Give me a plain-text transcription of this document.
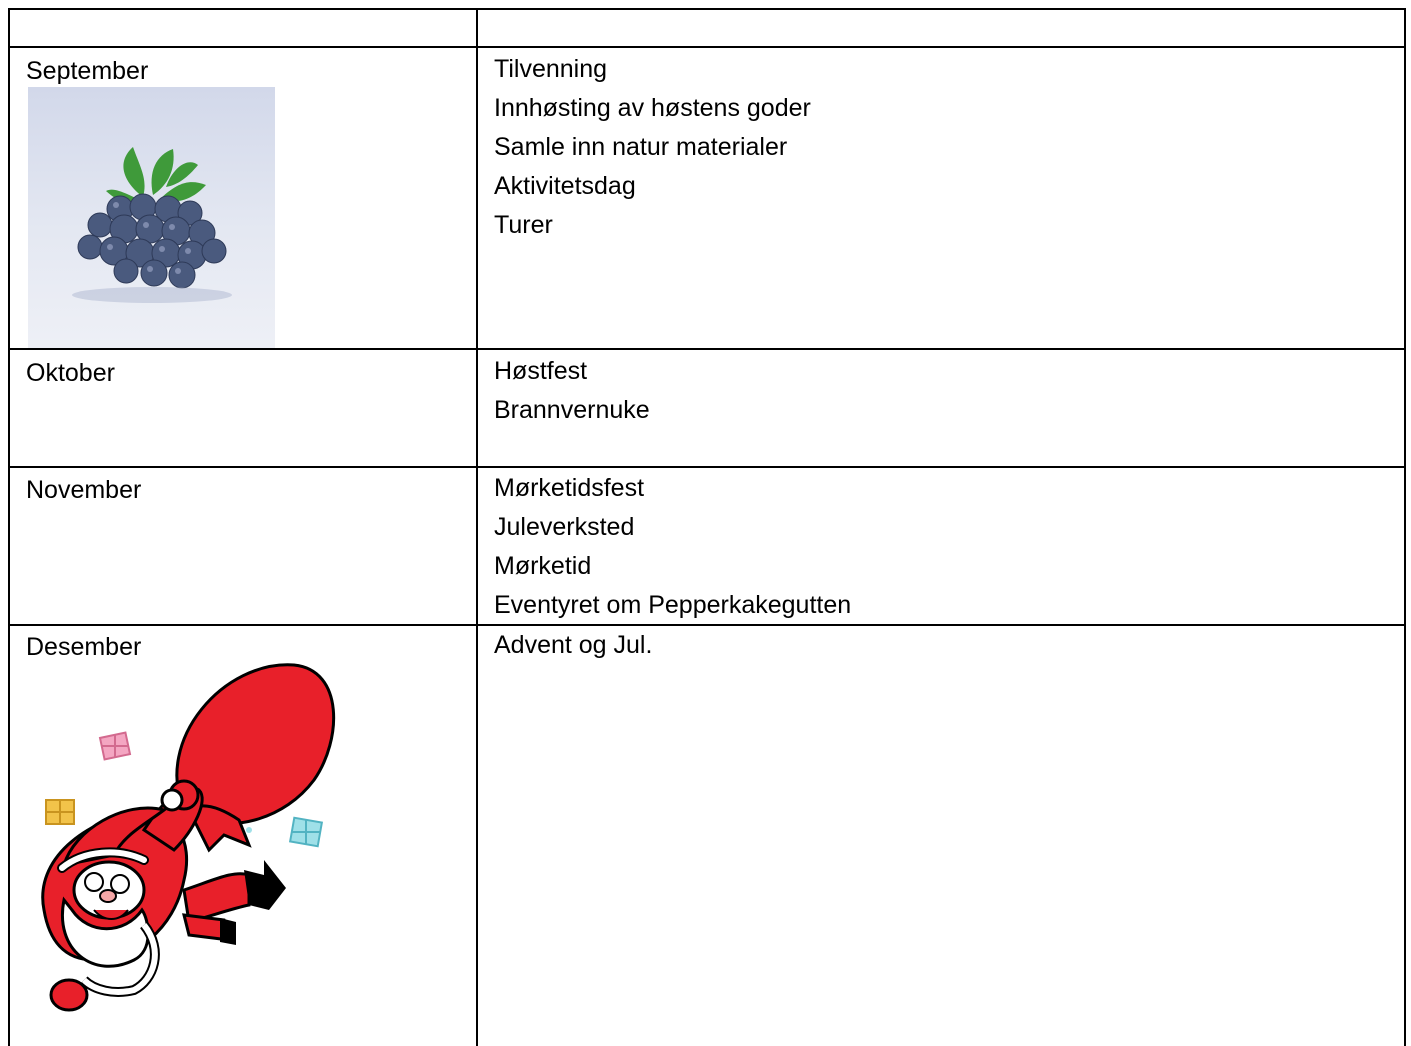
September	Tilvenning
Innhøsting av høstens goder
Samle inn natur materialer
Aktivitetsdag
Turer
Oktober	Høstfest
Brannvernuke
November	Mørketidsfest
Juleverksted
Mørketid
Eventyret om Pepperkakegutten
Desember	Advent og Jul.
